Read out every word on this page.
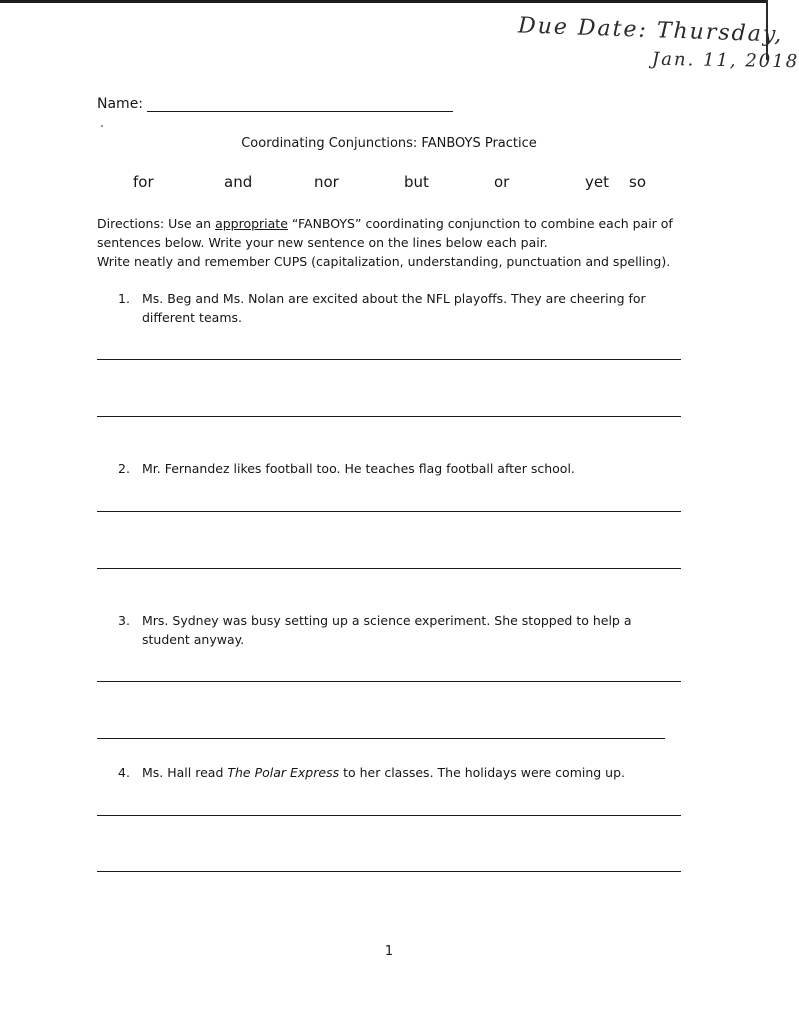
Due Date: Thursday,
Jan. 11, 2018
Name:
Coordinating Conjunctions: FANBOYS Practice
for	and	nor	but	or	yet so

Directions: Use an appropriate “FANBOYS” coordinating conjunction to combine each pair of

sentences below. Write your new sentence on the lines below each pair.

Write neatly and remember CUPS (capitalization, understanding, punctuation and spelling).

1. Ms. Beg and Ms. Nolan are excited about the NFL playoffs. They are cheering for different teams.
2. Mr. Fernandez likes football too. He teaches flag football after school.
3. Mrs. Sydney was busy setting up a science experiment. She stopped to help a student anyway.
4. Ms. Hall read The Polar Express to her classes. The holidays were coming up.
1
